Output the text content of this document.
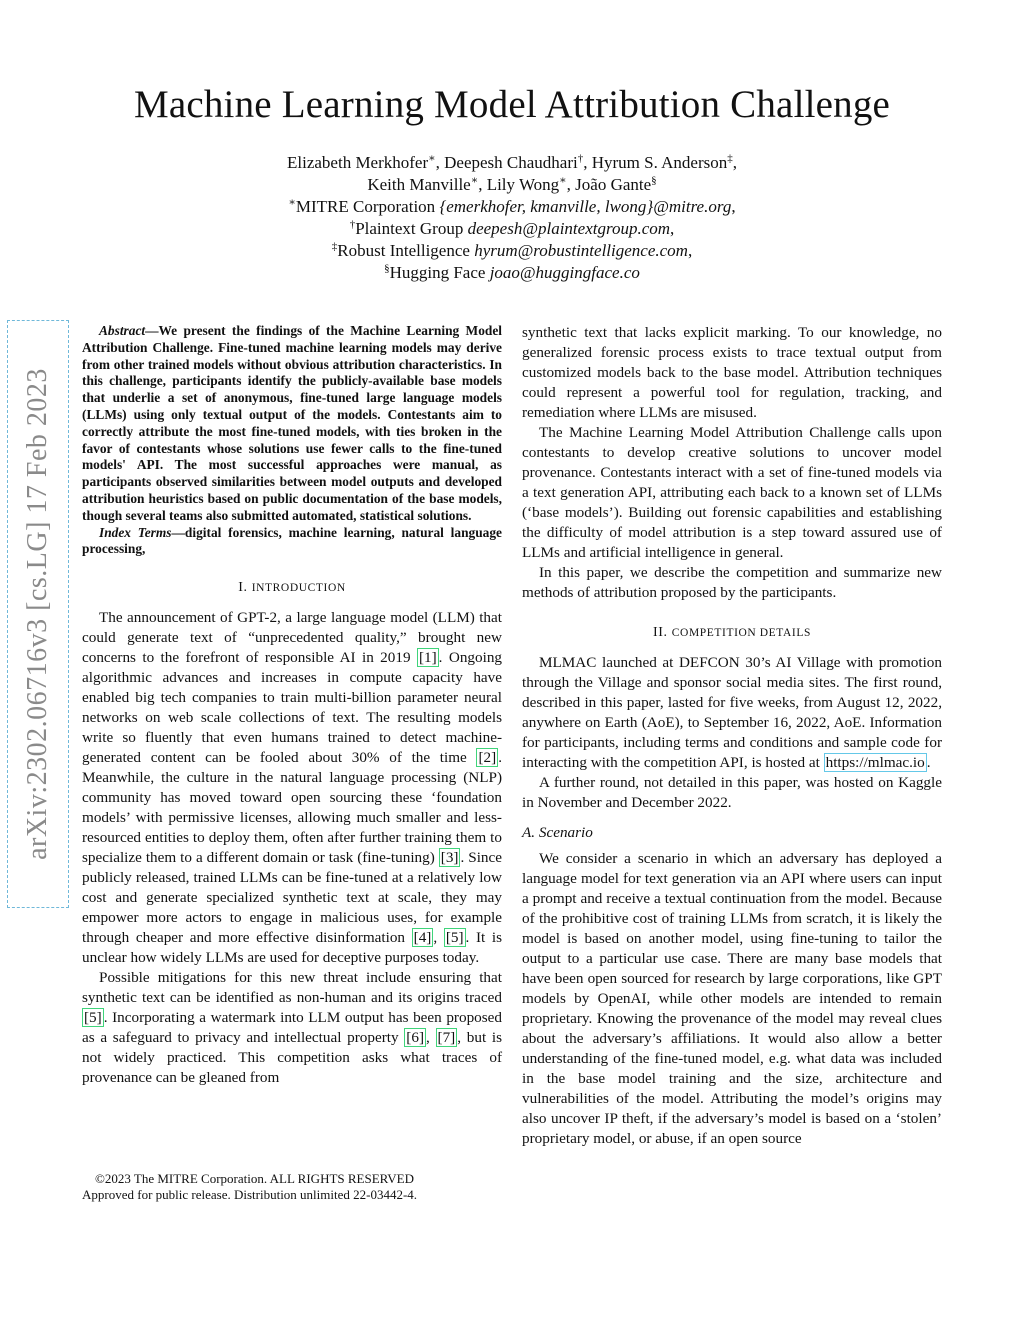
Machine Learning Model Attribution Challenge
Elizabeth Merkhofer∗, Deepesh Chaudhari†, Hyrum S. Anderson‡,
Keith Manville∗, Lily Wong∗, João Gante§
∗MITRE Corporation {emerkhofer, kmanville, lwong}@mitre.org,
†Plaintext Group deepesh@plaintextgroup.com,
‡Robust Intelligence hyrum@robustintelligence.com,
§Hugging Face joao@huggingface.co
arXiv:2302.06716v3 [cs.LG] 17 Feb 2023

Abstract—We present the findings of the Machine Learning Model Attribution Challenge. Fine-tuned machine learning models may derive from other trained models without obvious attribution characteristics. In this challenge, participants identify the publicly-available base models that underlie a set of anonymous, fine-tuned large language models (LLMs) using only textual output of the models. Contestants aim to correctly attribute the most fine-tuned models, with ties broken in the favor of contestants whose solutions use fewer calls to the fine-tuned models' API. The most successful approaches were manual, as participants observed similarities between model outputs and developed attribution heuristics based on public documentation of the base models, though several teams also submitted automated, statistical solutions.

Index Terms—digital forensics, machine learning, natural language processing,

I. INTRODUCTION

The announcement of GPT-2, a large language model (LLM) that could generate text of “unprecedented quality,” brought new concerns to the forefront of responsible AI in 2019 [1] . Ongoing algorithmic advances and increases in compute capacity have enabled big tech companies to train multi-billion parameter neural networks on web scale collections of text. The resulting models write so fluently that even humans trained to detect machine-generated content can be fooled about 30% of the time [2] . Meanwhile, the culture in the natural language processing (NLP) community has moved toward open sourcing these ‘foundation models’ with permissive licenses, allowing much smaller and less-resourced entities to deploy them, often after further training them to specialize them to a different domain or task (fine-tuning) [3] . Since publicly released, trained LLMs can be fine-tuned at a relatively low cost and generate specialized synthetic text at scale, they may empower more actors to engage in malicious uses, for example through cheaper and more effective disinformation [4] , [5] . It is unclear how widely LLMs are used for deceptive purposes today.

Possible mitigations for this new threat include ensuring that synthetic text can be identified as non-human and its origins traced [5] . Incorporating a watermark into LLM output has been proposed as a safeguard to privacy and intellectual property [6] , [7] , but is not widely practiced. This competition asks what traces of provenance can be gleaned from

synthetic text that lacks explicit marking. To our knowledge, no generalized forensic process exists to trace textual output from customized models back to the base model. Attribution techniques could represent a powerful tool for regulation, tracking, and remediation where LLMs are misused.

The Machine Learning Model Attribution Challenge calls upon contestants to develop creative solutions to uncover model provenance. Contestants interact with a set of fine-tuned models via a text generation API, attributing each back to a known set of LLMs (‘base models’). Building out forensic capabilities and establishing the difficulty of model attribution is a step toward assured use of LLMs and artificial intelligence in general.

In this paper, we describe the competition and summarize new methods of attribution proposed by the participants.

II. COMPETITION DETAILS

MLMAC launched at DEFCON 30’s AI Village with promotion through the Village and sponsor social media sites. The first round, described in this paper, lasted for five weeks, from August 12, 2022, anywhere on Earth (AoE), to September 16, 2022, AoE. Information for participants, including terms and conditions and sample code for interacting with the competition API, is hosted at https://mlmac.io .

A further round, not detailed in this paper, was hosted on Kaggle in November and December 2022.

A. Scenario

We consider a scenario in which an adversary has deployed a language model for text generation via an API where users can input a prompt and receive a textual continuation from the model. Because of the prohibitive cost of training LLMs from scratch, it is likely the model is based on another model, using fine-tuning to tailor the output to a particular use case. There are many base models that have been open sourced for research by large corporations, like GPT models by OpenAI, while other models are intended to remain proprietary. Knowing the provenance of the model may reveal clues about the adversary’s affiliations. It would also allow a better understanding of the fine-tuned model, e.g. what data was included in the base model training and the size, architecture and vulnerabilities of the model. Attributing the model’s origins may also uncover IP theft, if the adversary’s model is based on a ‘stolen’ proprietary model, or abuse, if an open source

©2023 The MITRE Corporation. ALL RIGHTS RESERVED
Approved for public release. Distribution unlimited 22-03442-4.
